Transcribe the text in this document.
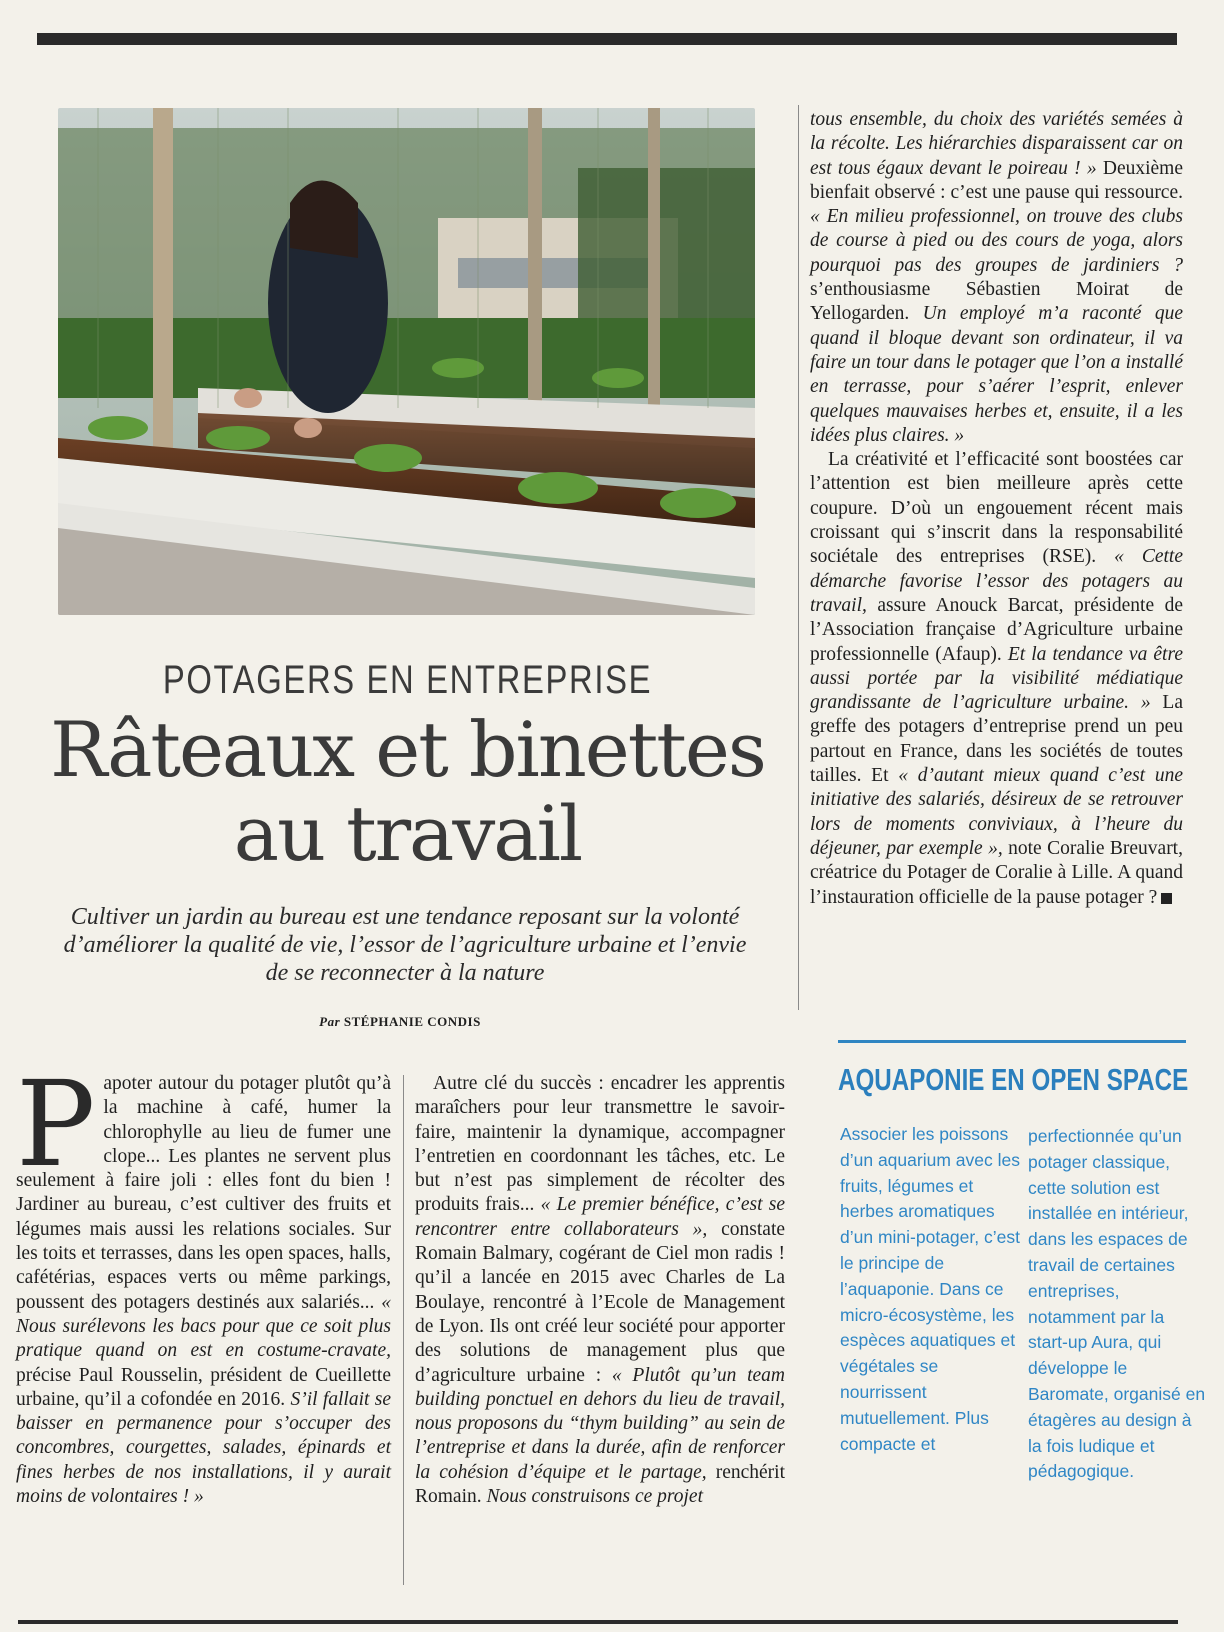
POTAGERS EN ENTREPRISE
Râteaux et binettes
au travail
Cultiver un jardin au bureau est une tendance reposant sur la volonté d’améliorer la qualité de vie, l’essor de l’agriculture urbaine et l’envie de se reconnecter à la nature
Par STÉPHANIE CONDIS

Papoter autour du potager plutôt qu’à la machine à café, humer la chlorophylle au lieu de fumer une clope... Les plantes ne servent plus seulement à faire joli : elles font du bien ! Jardiner au bureau, c’est cultiver des fruits et légumes mais aussi les relations sociales. Sur les toits et terrasses, dans les open spaces, halls, cafétérias, espaces verts ou même parkings, poussent des potagers destinés aux salariés... « Nous surélevons les bacs pour que ce soit plus pratique quand on est en costume-cravate, précise Paul Rousselin, président de Cueillette urbaine, qu’il a cofondée en 2016. S’il fallait se baisser en permanence pour s’occuper des concombres, courgettes, salades, épinards et fines herbes de nos installations, il y aurait moins de volontaires ! »

Autre clé du succès : encadrer les apprentis maraîchers pour leur transmettre le savoir-faire, maintenir la dynamique, accompagner l’entretien en coordonnant les tâches, etc. Le but n’est pas simplement de récolter des produits frais... « Le premier bénéfice, c’est se rencontrer entre collaborateurs », constate Romain Balmary, cogérant de Ciel mon radis ! qu’il a lancée en 2015 avec Charles de La Boulaye, rencontré à l’Ecole de Management de Lyon. Ils ont créé leur société pour apporter des solutions de management plus que d’agriculture urbaine : « Plutôt qu’un team building ponctuel en dehors du lieu de travail, nous proposons du “thym building” au sein de l’entreprise et dans la durée, afin de renforcer la cohésion d’équipe et le partage, renchérit Romain. Nous construisons ce projet

tous ensemble, du choix des variétés semées à la récolte. Les hiérarchies disparaissent car on est tous égaux devant le poireau ! » Deuxième bienfait observé : c’est une pause qui ressource. « En milieu professionnel, on trouve des clubs de course à pied ou des cours de yoga, alors pourquoi pas des groupes de jardiniers ? s’enthousiasme Sébastien Moirat de Yellogarden. Un employé m’a raconté que quand il bloque devant son ordinateur, il va faire un tour dans le potager que l’on a installé en terrasse, pour s’aérer l’esprit, enlever quelques mauvaises herbes et, ensuite, il a les idées plus claires. »

La créativité et l’efficacité sont boostées car l’attention est bien meilleure après cette coupure. D’où un engouement récent mais croissant qui s’inscrit dans la responsabilité sociétale des entreprises (RSE). « Cette démarche favorise l’essor des potagers au travail, assure Anouck Barcat, présidente de l’Association française d’Agriculture urbaine professionnelle (Afaup). Et la tendance va être aussi portée par la visibilité médiatique grandissante de l’agriculture urbaine. » La greffe des potagers d’entreprise prend un peu partout en France, dans les sociétés de toutes tailles. Et « d’autant mieux quand c’est une initiative des salariés, désireux de se retrouver lors de moments conviviaux, à l’heure du déjeuner, par exemple », note Coralie Breuvart, créatrice du Potager de Coralie à Lille. A quand l’instauration officielle de la pause potager ?

AQUAPONIE EN OPEN SPACE
Associer les poissons d’un aquarium avec les fruits, légumes et herbes aromatiques d’un mini-potager, c’est le principe de l’aquaponie. Dans ce micro-écosystème, les espèces aquatiques et végétales se nourrissent mutuellement. Plus compacte et
perfectionnée qu’un potager classique, cette solution est installée en intérieur, dans les espaces de travail de certaines entreprises, notamment par la start-up Aura, qui développe le Baromate, organisé en étagères au design à la fois ludique et pédagogique.
